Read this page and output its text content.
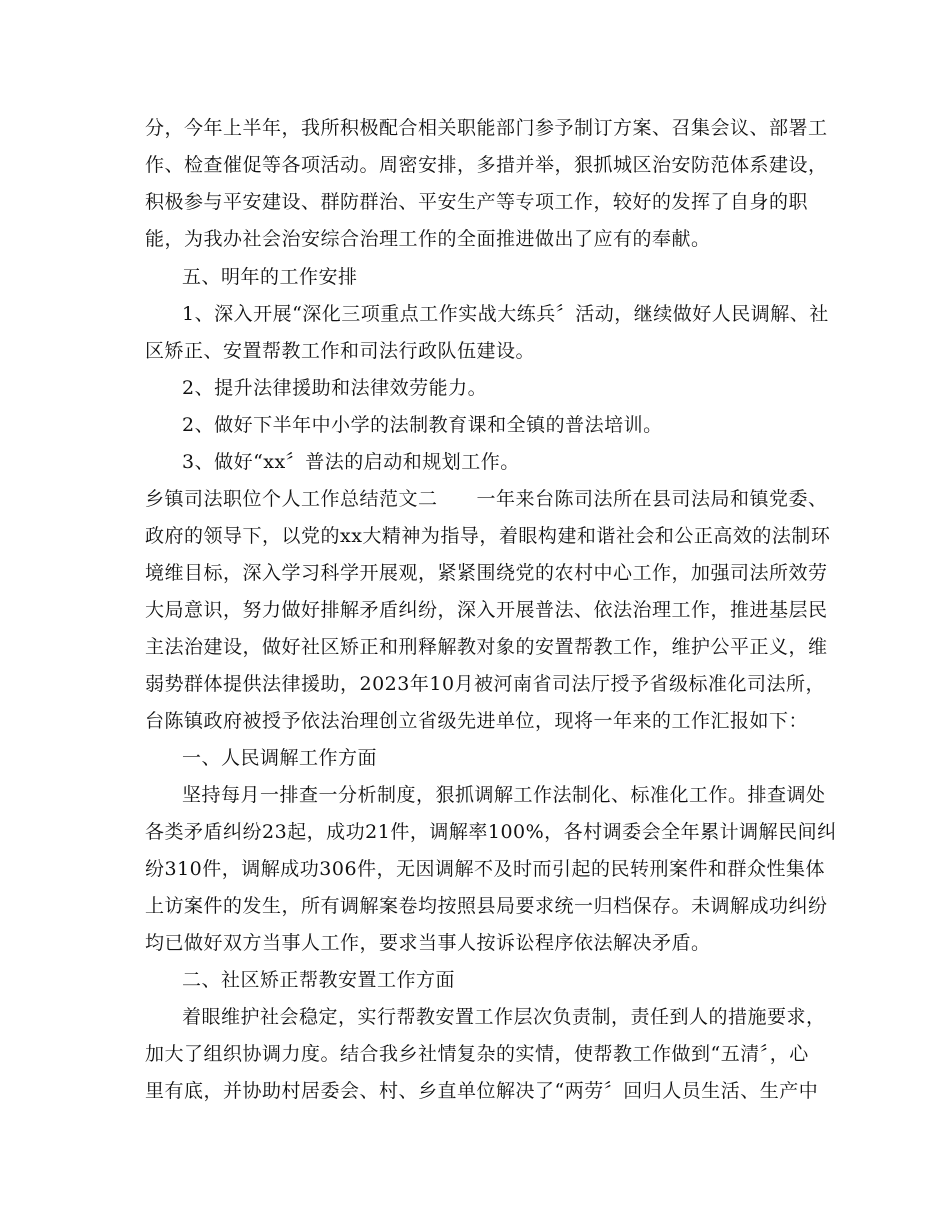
分，今年上半年，我所积极配合相关职能部门参予制订方案、召集会议、部署工
作、检查催促等各项活动。周密安排，多措并举，狠抓城区治安防范体系建设，
积极参与平安建设、群防群治、平安生产等专项工作，较好的发挥了自身的职
能，为我办社会治安综合治理工作的全面推进做出了应有的奉献。
五、明年的工作安排
1、深入开展“深化三项重点工作实战大练兵〞活动，继续做好人民调解、社
区矫正、安置帮教工作和司法行政队伍建设。
2、提升法律援助和法律效劳能力。
2、做好下半年中小学的法制教育课和全镇的普法培训。
3、做好“xx〞普法的启动和规划工作。
乡镇司法职位个人工作总结范文二　　一年来台陈司法所在县司法局和镇党委、
政府的领导下，以党的xx大精神为指导，着眼构建和谐社会和公正高效的法制环
境维目标，深入学习科学开展观，紧紧围绕党的农村中心工作，加强司法所效劳
大局意识，努力做好排解矛盾纠纷，深入开展普法、依法治理工作，推进基层民
主法治建设，做好社区矫正和刑释解教对象的安置帮教工作，维护公平正义，维
弱势群体提供法律援助，2023年10月被河南省司法厅授予省级标准化司法所，
台陈镇政府被授予依法治理创立省级先进单位，现将一年来的工作汇报如下：
一、人民调解工作方面
坚持每月一排查一分析制度，狠抓调解工作法制化、标准化工作。排查调处
各类矛盾纠纷23起，成功21件，调解率100%，各村调委会全年累计调解民间纠
纷310件，调解成功306件，无因调解不及时而引起的民转刑案件和群众性集体
上访案件的发生，所有调解案卷均按照县局要求统一归档保存。未调解成功纠纷
均已做好双方当事人工作，要求当事人按诉讼程序依法解决矛盾。
二、社区矫正帮教安置工作方面
着眼维护社会稳定，实行帮教安置工作层次负责制，责任到人的措施要求，
加大了组织协调力度。结合我乡社情复杂的实情，使帮教工作做到“五清〞，心
里有底，并协助村居委会、村、乡直单位解决了“两劳〞回归人员生活、生产中
